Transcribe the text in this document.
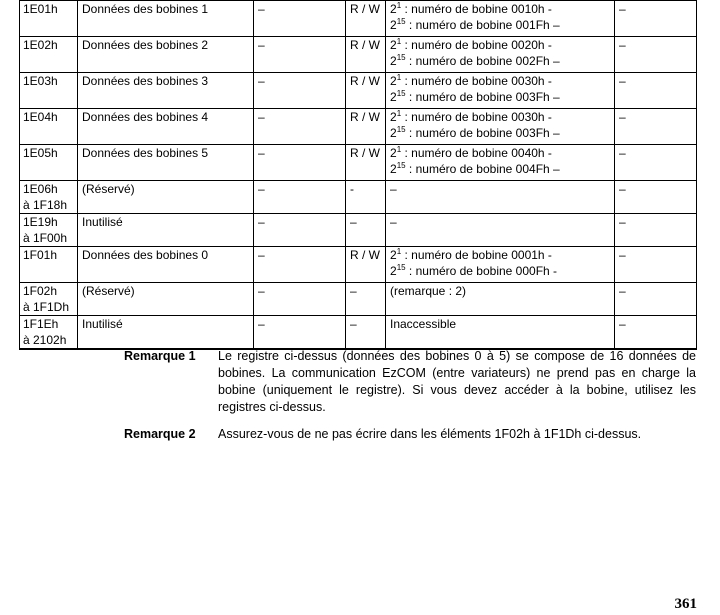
1E01h	Données des bobines 1	–	R / W	$2^1$ : numéro de bobine 0010h -
$2^{15}$ : numéro de bobine 001Fh –	–

1E02h	Données des bobines 2	–	R / W	$2^1$ : numéro de bobine 0020h -
$2^{15}$ : numéro de bobine 002Fh –	–

1E03h	Données des bobines 3	–	R / W	$2^1$ : numéro de bobine 0030h -
$2^{15}$ : numéro de bobine 003Fh –	–

1E04h	Données des bobines 4	–	R / W	$2^1$ : numéro de bobine 0030h -
$2^{15}$ : numéro de bobine 003Fh –	–

1E05h	Données des bobines 5	–	R / W	$2^1$ : numéro de bobine 0040h -
$2^{15}$ : numéro de bobine 004Fh –	–

1E06h
à 1F18h	(Réservé)	–	-	–	–

1E19h
à 1F00h	Inutilisé	–	–	–	–

1F01h	Données des bobines 0	–	R / W	$2^1$ : numéro de bobine 0001h -
$2^{15}$ : numéro de bobine 000Fh -	–

1F02h
à 1F1Dh	(Réservé)	–	–	(remarque : 2)	–

1F1Eh
à 2102h	Inutilisé	–	–	Inaccessible	–
Remarque 1 Le registre ci-dessus (données des bobines 0 à 5) se compose de 16 données de bobines. La communication EzCOM (entre variateurs) ne prend pas en charge la bobine (uniquement le registre). Si vous devez accéder à la bobine, utilisez les registres ci-dessus.
Remarque 2 Assurez-vous de ne pas écrire dans les éléments 1F02h à 1F1Dh ci-dessus.
361
